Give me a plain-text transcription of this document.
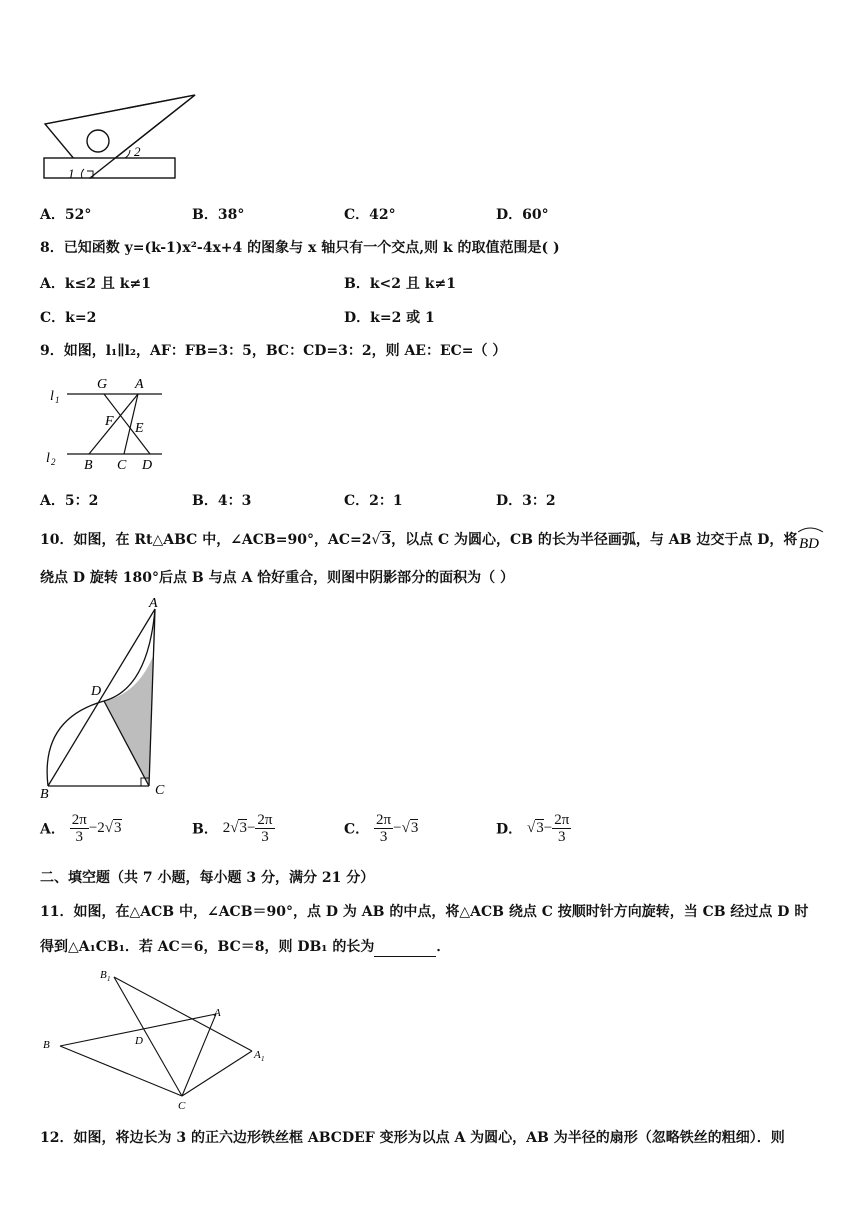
1
2
A．52°	B．38°	C．42°	D．60°
8．已知函数 y=(k-1)x²-4x+4 的图象与 x 轴只有一个交点,则 k 的取值范围是( )
A．k≤2 且 k≠1	B．k<2 且 k≠1
C．k=2	D．k=2 或 1
9．如图，l₁∥l₂，AF：FB=3：5，BC：CD=3：2，则 AE：EC=（ ）
l 1
l 2
G A
F E
B C D
A．5：2	B．4：3	C．2：1	D．3：2
10．如图，在 Rt△ABC 中，∠ACB=90°，AC=2√3，以点 C 为圆心，CB 的长为半径画弧，与 AB 边交于点 D，将 BD
绕点 D 旋转 180°后点 B 与点 A 恰好重合，则图中阴影部分的面积为（ ）
A
D
B	C
A． $\frac{2\pi}{3} -2√3$	B． $2√3- \frac{2\pi}{3}$	C． $\frac{2\pi}{3} -√3$	D． $√3- \frac{2\pi}{3}$
二、填空题（共 7 小题，每小题 3 分，满分 21 分）
11．如图，在△ACB 中，∠ACB＝90°，点 D 为 AB 的中点，将△ACB 绕点 C 按顺时针方向旋转，当 CB 经过点 D 时
得到△A₁CB₁．若 AC＝6，BC＝8，则 DB₁ 的长为	．
B 1
A
B	D
A 1
C
12．如图，将边长为 3 的正六边形铁丝框 ABCDEF 变形为以点 A 为圆心，AB 为半径的扇形（忽略铁丝的粗细）．则
